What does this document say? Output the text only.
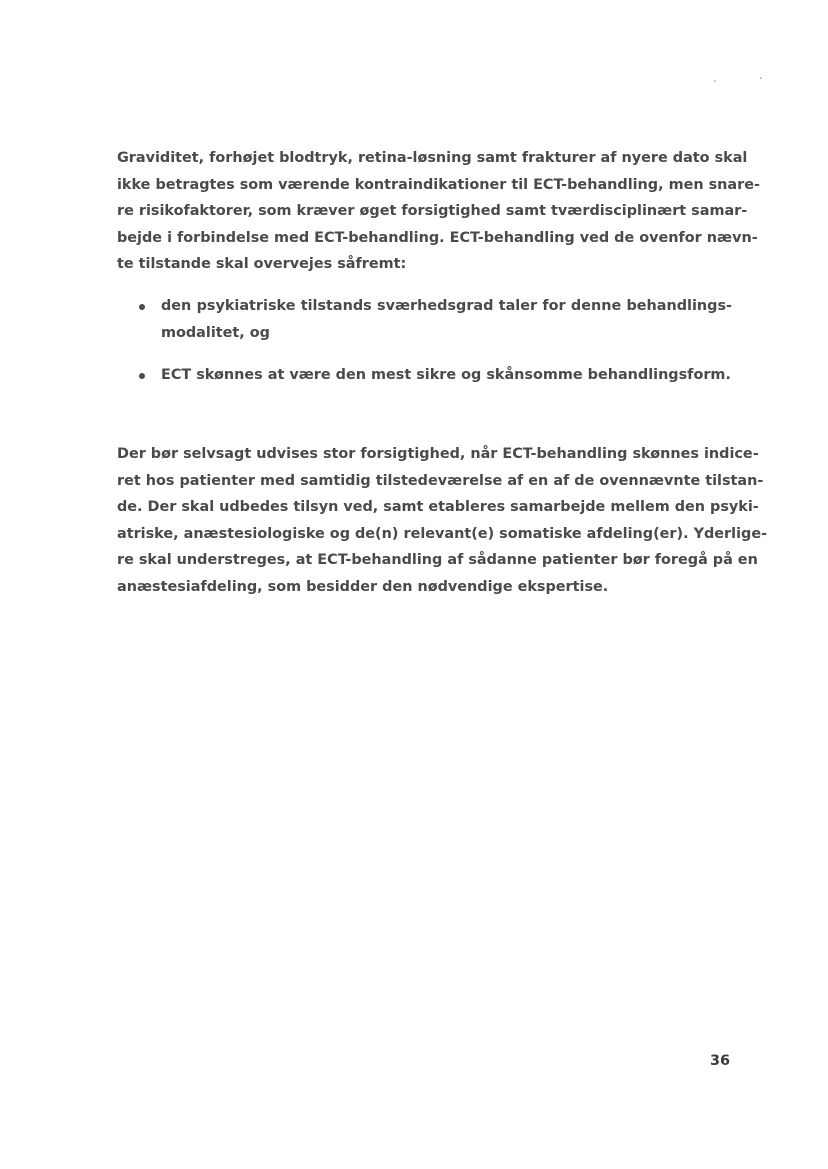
Graviditet, forhøjet blodtryk, retina-løsning samt frakturer af nyere dato skal
ikke betragtes som værende kontraindikationer til ECT-behandling, men snare-
re risikofaktorer, som kræver øget forsigtighed samt tværdisciplinært samar-
bejde i forbindelse med ECT-behandling. ECT-behandling ved de ovenfor nævn-
te tilstande skal overvejes såfremt:

den psykiatriske tilstands sværhedsgrad taler for denne behandlings-
modalitet, og
ECT skønnes at være den mest sikre og skånsomme behandlingsform.

Der bør selvsagt udvises stor forsigtighed, når ECT-behandling skønnes indice-
ret hos patienter med samtidig tilstedeværelse af en af de ovennævnte tilstan-
de. Der skal udbedes tilsyn ved, samt etableres samarbejde mellem den psyki-
atriske, anæstesiologiske og de(n) relevant(e) somatiske afdeling(er). Yderlige-
re skal understreges, at ECT-behandling af sådanne patienter bør foregå på en
anæstesiafdeling, som besidder den nødvendige ekspertise.

36
